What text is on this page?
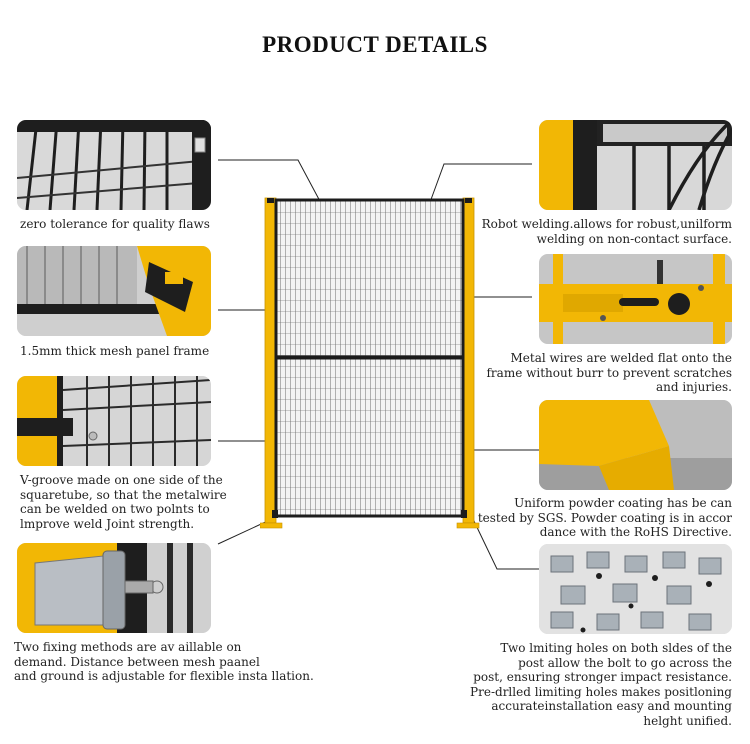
PRODUCT DETAILS
zero tolerance for quality flaws
1.5mm thick mesh panel frame
V-groove made on one side of the
squaretube, so that the metalwire
can be welded on two polnts to
lmprove weld Joint strength.
Two fixing methods are av aillable on
demand. Distance between mesh paanel
and ground is adjustable for flexible insta llation.
Robot welding.allows for robust,unilform
welding on non-contact surface.
Metal wires are welded flat onto the
frame without burr to prevent scratches
and injuries.
Uniform powder coating has be can
tested by SGS. Powder coating is in accor
dance with the RoHS Directive.
Two lmiting holes on both sldes of the
post allow the bolt to go across the
post, ensuring stronger impact resistance.
Pre-drlled limiting holes makes positloning
accurateinstallation easy and mounting
helght unified.
